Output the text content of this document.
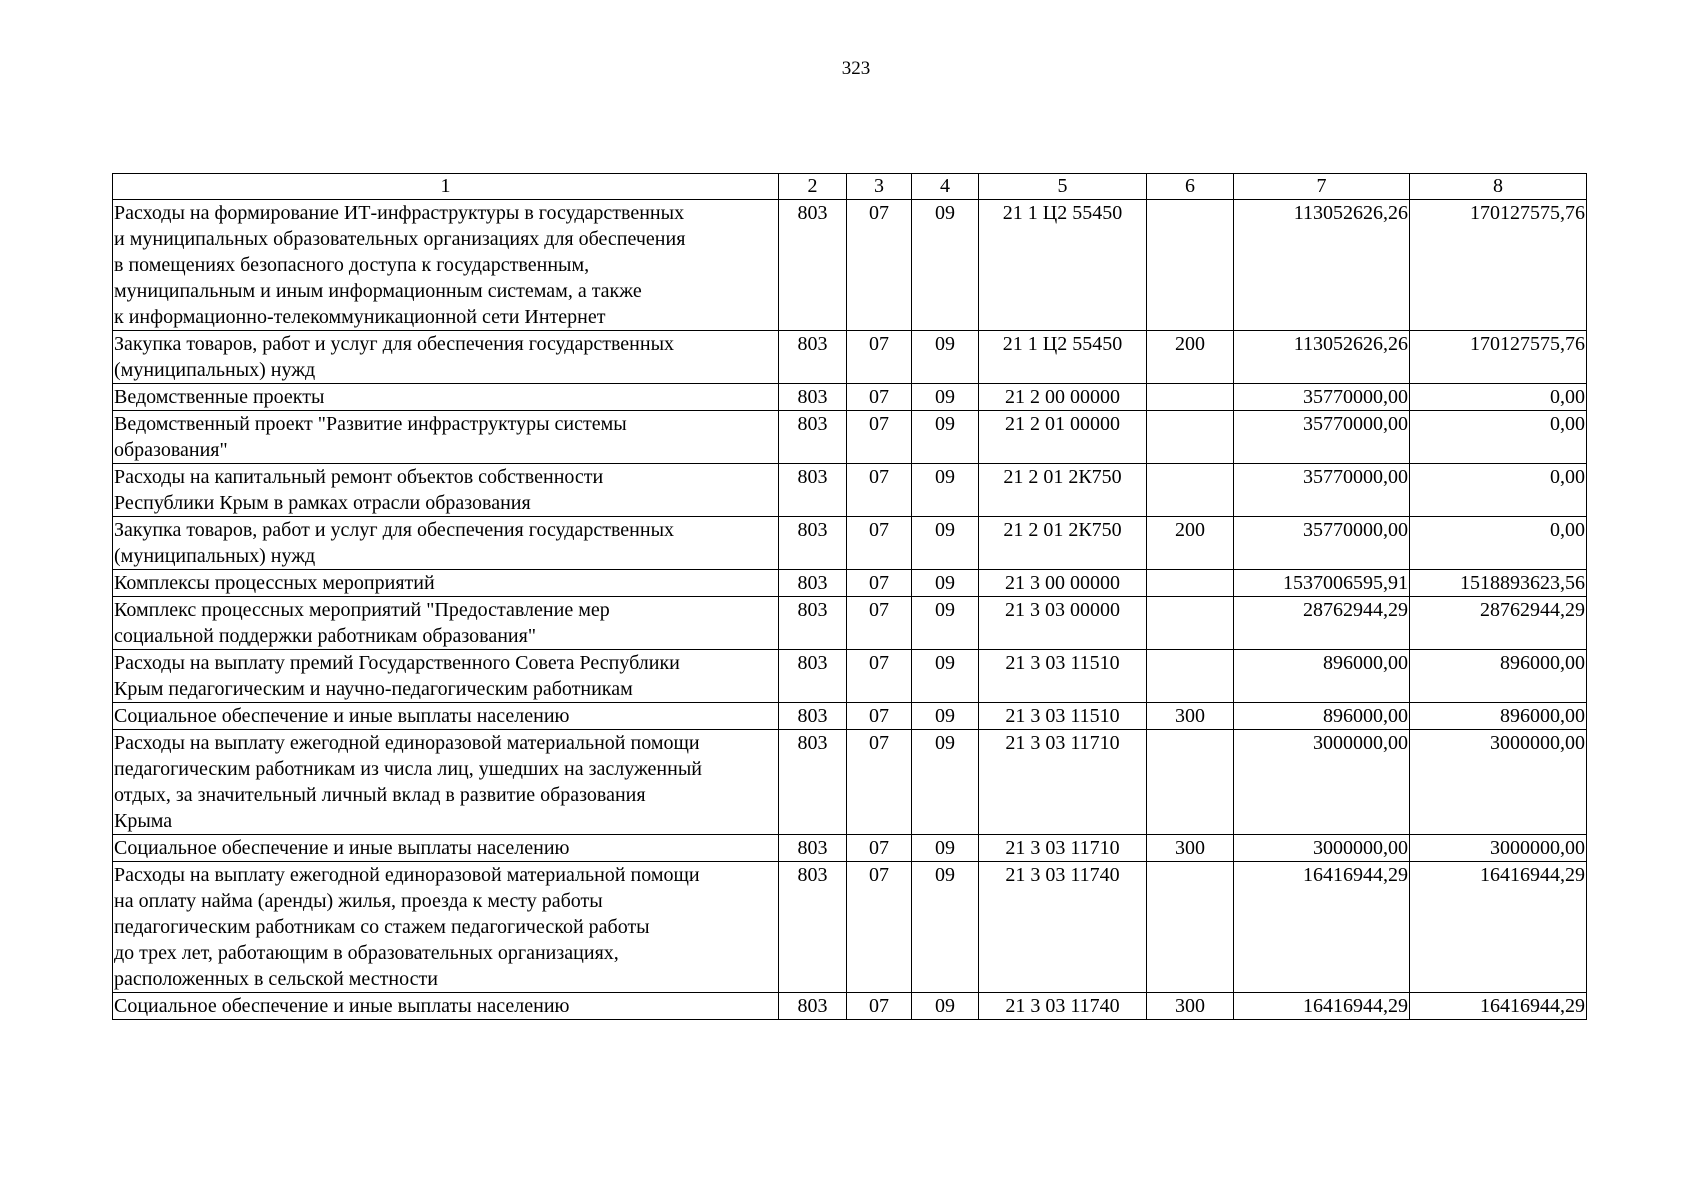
323
1	2	3	4	5	6	7	8
Расходы на формирование ИТ-инфраструктуры в государственных
и муниципальных образовательных организациях для обеспечения
в помещениях безопасного доступа к государственным,
муниципальным и иным информационным системам, а также
к информационно-телекоммуникационной сети Интернет	803	07	09	21 1 Ц2 55450		113052626,26	170127575,76
Закупка товаров, работ и услуг для обеспечения государственных
(муниципальных) нужд	803	07	09	21 1 Ц2 55450	200	113052626,26	170127575,76
Ведомственные проекты	803	07	09	21 2 00 00000		35770000,00	0,00
Ведомственный проект "Развитие инфраструктуры системы
образования"	803	07	09	21 2 01 00000		35770000,00	0,00
Расходы на капитальный ремонт объектов собственности
Республики Крым в рамках отрасли образования	803	07	09	21 2 01 2К750		35770000,00	0,00
Закупка товаров, работ и услуг для обеспечения государственных
(муниципальных) нужд	803	07	09	21 2 01 2К750	200	35770000,00	0,00
Комплексы процессных мероприятий	803	07	09	21 3 00 00000		1537006595,91	1518893623,56
Комплекс процессных мероприятий "Предоставление мер
социальной поддержки работникам образования"	803	07	09	21 3 03 00000		28762944,29	28762944,29
Расходы на выплату премий Государственного Совета Республики
Крым педагогическим и научно-педагогическим работникам	803	07	09	21 3 03 11510		896000,00	896000,00
Социальное обеспечение и иные выплаты населению	803	07	09	21 3 03 11510	300	896000,00	896000,00
Расходы на выплату ежегодной единоразовой материальной помощи
педагогическим работникам из числа лиц, ушедших на заслуженный
отдых, за значительный личный вклад в развитие образования
Крыма	803	07	09	21 3 03 11710		3000000,00	3000000,00
Социальное обеспечение и иные выплаты населению	803	07	09	21 3 03 11710	300	3000000,00	3000000,00
Расходы на выплату ежегодной единоразовой материальной помощи
на оплату найма (аренды) жилья, проезда к месту работы
педагогическим работникам со стажем педагогической работы
до трех лет, работающим в образовательных организациях,
расположенных в сельской местности	803	07	09	21 3 03 11740		16416944,29	16416944,29
Социальное обеспечение и иные выплаты населению	803	07	09	21 3 03 11740	300	16416944,29	16416944,29
